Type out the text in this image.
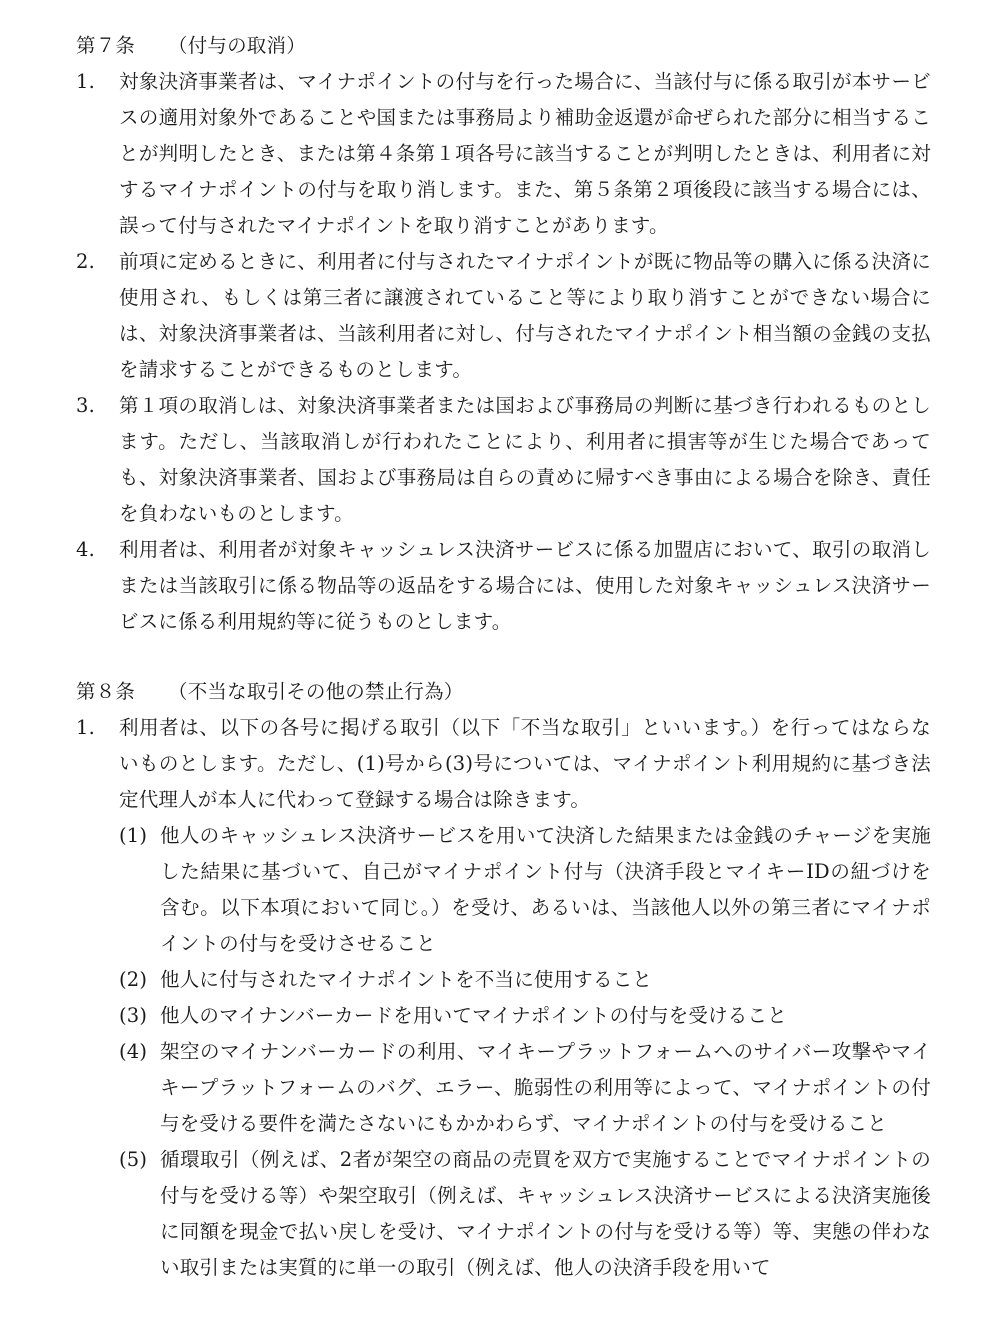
第７条 （付与の取消）
1.	対象決済事業者は、マイナポイントの付与を行った場合に、当該付与に係る取引が本サービスの適用対象外であることや国または事務局より補助金返還が命ぜられた部分に相当することが判明したとき、または第４条第１項各号に該当することが判明したときは、利用者に対するマイナポイントの付与を取り消します。また、第５条第２項後段に該当する場合には、誤って付与されたマイナポイントを取り消すことがあります。
2.	前項に定めるときに、利用者に付与されたマイナポイントが既に物品等の購入に係る決済に使用され、もしくは第三者に譲渡されていること等により取り消すことができない場合には、対象決済事業者は、当該利用者に対し、付与されたマイナポイント相当額の金銭の支払を請求することができるものとします。
3.	第１項の取消しは、対象決済事業者または国および事務局の判断に基づき行われるものとします。ただし、当該取消しが行われたことにより、利用者に損害等が生じた場合であっても、対象決済事業者、国および事務局は自らの責めに帰すべき事由による場合を除き、責任を負わないものとします。
4.	利用者は、利用者が対象キャッシュレス決済サービスに係る加盟店において、取引の取消しまたは当該取引に係る物品等の返品をする場合には、使用した対象キャッシュレス決済サービスに係る利用規約等に従うものとします。
第８条 （不当な取引その他の禁止行為）
1.	利用者は、以下の各号に掲げる取引（以下「不当な取引」といいます。）を行ってはならないものとします。ただし、(1)号から(3)号については、マイナポイント利用規約に基づき法定代理人が本人に代わって登録する場合は除きます。
(1) 他人のキャッシュレス決済サービスを用いて決済した結果または金銭のチャージを実施した結果に基づいて、自己がマイナポイント付与（決済手段とマイキーIDの紐づけを含む。以下本項において同じ。）を受け、あるいは、当該他人以外の第三者にマイナポイントの付与を受けさせること
(2) 他人に付与されたマイナポイントを不当に使用すること
(3) 他人のマイナンバーカードを用いてマイナポイントの付与を受けること
(4) 架空のマイナンバーカードの利用、マイキープラットフォームへのサイバー攻撃やマイキープラットフォームのバグ、エラー、脆弱性の利用等によって、マイナポイントの付与を受ける要件を満たさないにもかかわらず、マイナポイントの付与を受けること
(5) 循環取引（例えば、2者が架空の商品の売買を双方で実施することでマイナポイントの付与を受ける等）や架空取引（例えば、キャッシュレス決済サービスによる決済実施後に同額を現金で払い戻しを受け、マイナポイントの付与を受ける等）等、実態の伴わない取引または実質的に単一の取引（例えば、他人の決済手段を用いて
